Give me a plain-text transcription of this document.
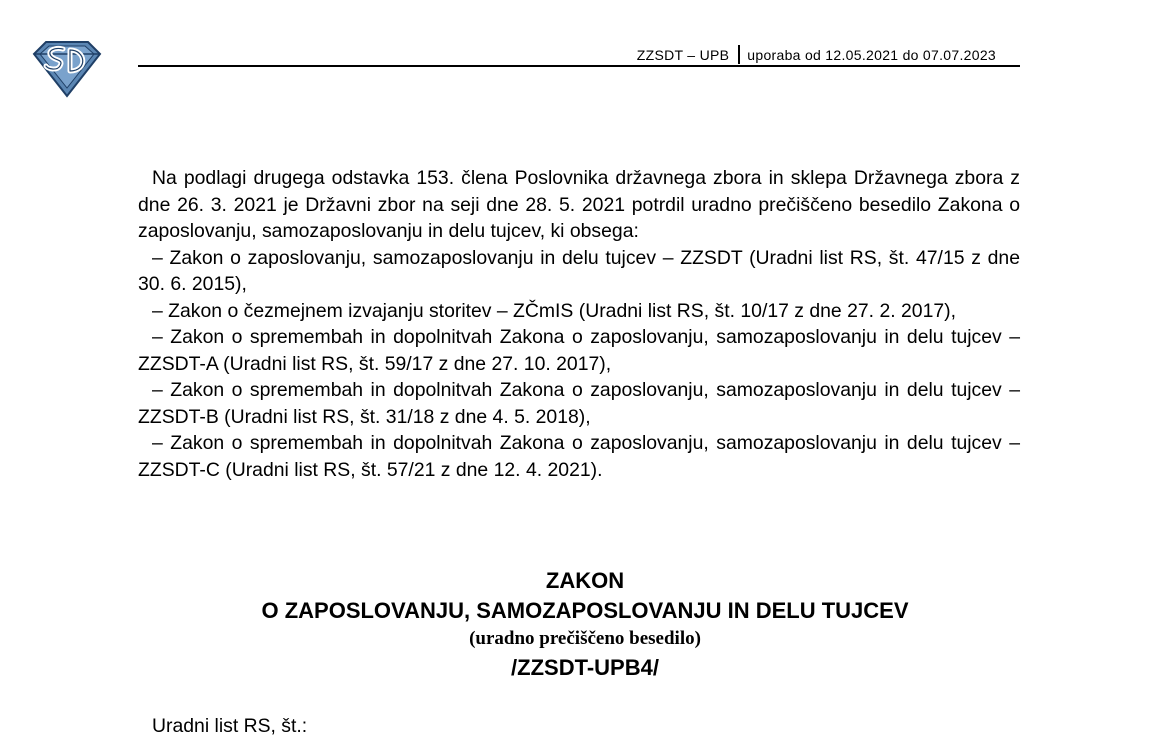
ZZSDT – UPB uporaba od 12.05.2021 do 07.07.2023

Na podlagi drugega odstavka 153. člena Poslovnika državnega zbora in sklepa Državnega zbora z dne 26. 3. 2021 je Državni zbor na seji dne 28. 5. 2021 potrdil uradno prečiščeno besedilo Zakona o zaposlovanju, samozaposlovanju in delu tujcev, ki obsega:

– Zakon o zaposlovanju, samozaposlovanju in delu tujcev – ZZSDT (Uradni list RS, št. 47/15 z dne 30. 6. 2015),

– Zakon o čezmejnem izvajanju storitev – ZČmIS (Uradni list RS, št. 10/17 z dne 27. 2. 2017),

– Zakon o spremembah in dopolnitvah Zakona o zaposlovanju, samozaposlovanju in delu tujcev – ZZSDT-A (Uradni list RS, št. 59/17 z dne 27. 10. 2017),

– Zakon o spremembah in dopolnitvah Zakona o zaposlovanju, samozaposlovanju in delu tujcev – ZZSDT-B (Uradni list RS, št. 31/18 z dne 4. 5. 2018),

– Zakon o spremembah in dopolnitvah Zakona o zaposlovanju, samozaposlovanju in delu tujcev – ZZSDT-C (Uradni list RS, št. 57/21 z dne 12. 4. 2021).

ZAKON
O ZAPOSLOVANJU, SAMOZAPOSLOVANJU IN DELU TUJCEV
(uradno prečiščeno besedilo)
/ZZSDT-UPB4/
Uradni list RS, št.:
